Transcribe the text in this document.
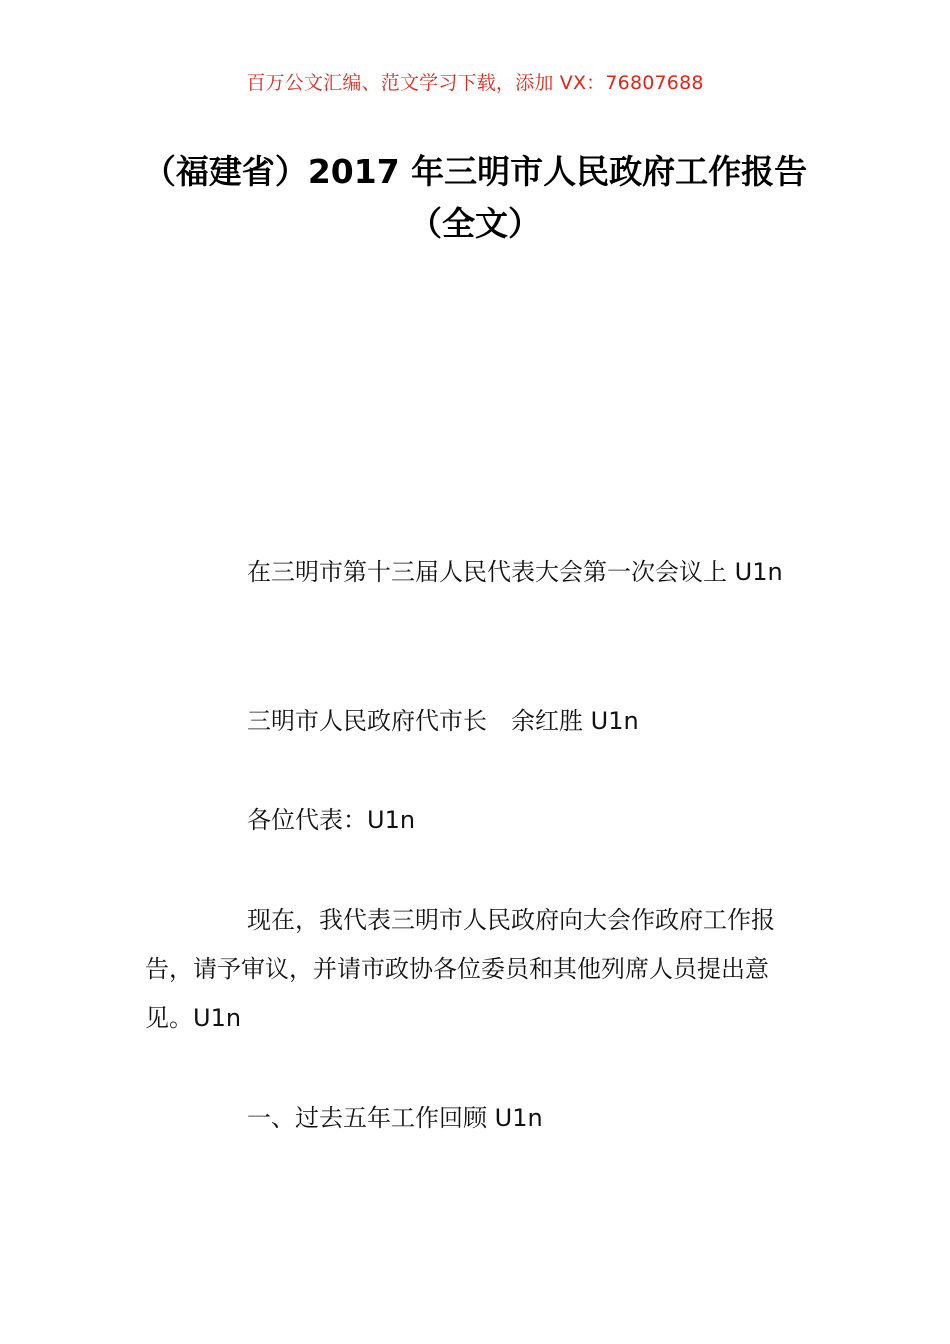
百万公文汇编、范文学习下载，添加 VX：76807688
（福建省）2017 年三明市人民政府工作报告（全文）
在三明市第十三届人民代表大会第一次会议上 U1n
三明市人民政府代市长　余红胜 U1n
各位代表：U1n
现在，我代表三明市人民政府向大会作政府工作报告，请予审议，并请市政协各位委员和其他列席人员提出意见。U1n
一、过去五年工作回顾 U1n
